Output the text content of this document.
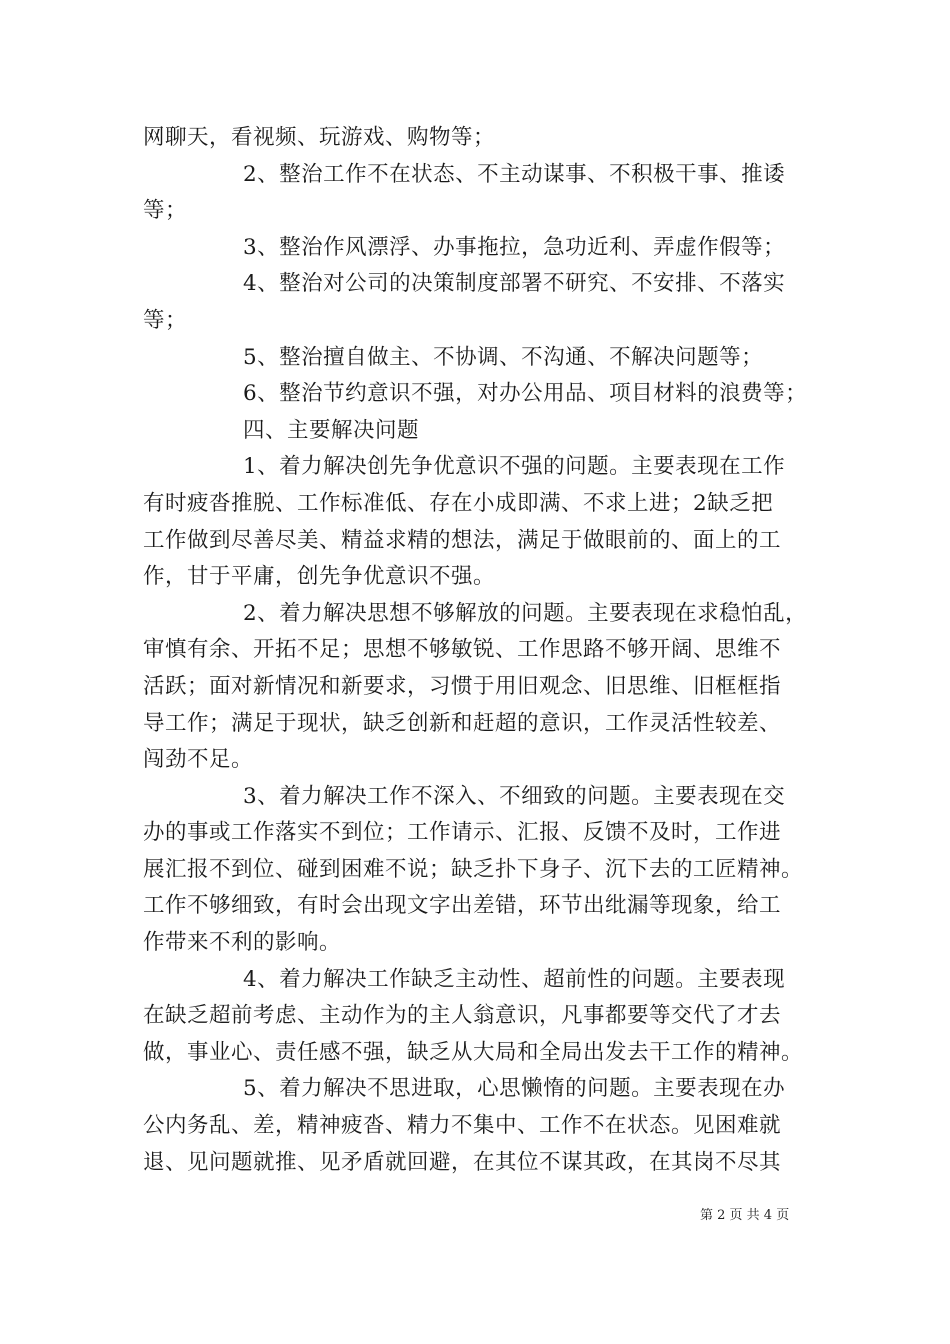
网聊天，看视频、玩游戏、购物等；
2、整治工作不在状态、不主动谋事、不积极干事、推诿
等；
3、整治作风漂浮、办事拖拉，急功近利、弄虚作假等；
4、整治对公司的决策制度部署不研究、不安排、不落实
等；
5、整治擅自做主、不协调、不沟通、不解决问题等；
6、整治节约意识不强，对办公用品、项目材料的浪费等；
四、主要解决问题
1、着力解决创先争优意识不强的问题。主要表现在工作
有时疲沓推脱、工作标准低、存在小成即满、不求上进；2缺乏把
工作做到尽善尽美、精益求精的想法，满足于做眼前的、面上的工
作，甘于平庸，创先争优意识不强。
2、着力解决思想不够解放的问题。主要表现在求稳怕乱，
审慎有余、开拓不足；思想不够敏锐、工作思路不够开阔、思维不
活跃；面对新情况和新要求，习惯于用旧观念、旧思维、旧框框指
导工作；满足于现状，缺乏创新和赶超的意识，工作灵活性较差、
闯劲不足。
3、着力解决工作不深入、不细致的问题。主要表现在交
办的事或工作落实不到位；工作请示、汇报、反馈不及时，工作进
展汇报不到位、碰到困难不说；缺乏扑下身子、沉下去的工匠精神。
工作不够细致，有时会出现文字出差错，环节出纰漏等现象，给工
作带来不利的影响。
4、着力解决工作缺乏主动性、超前性的问题。主要表现
在缺乏超前考虑、主动作为的主人翁意识，凡事都要等交代了才去
做，事业心、责任感不强，缺乏从大局和全局出发去干工作的精神。
5、着力解决不思进取，心思懒惰的问题。主要表现在办
公内务乱、差，精神疲沓、精力不集中、工作不在状态。见困难就
退、见问题就推、见矛盾就回避，在其位不谋其政，在其岗不尽其
第 2 页 共 4 页
